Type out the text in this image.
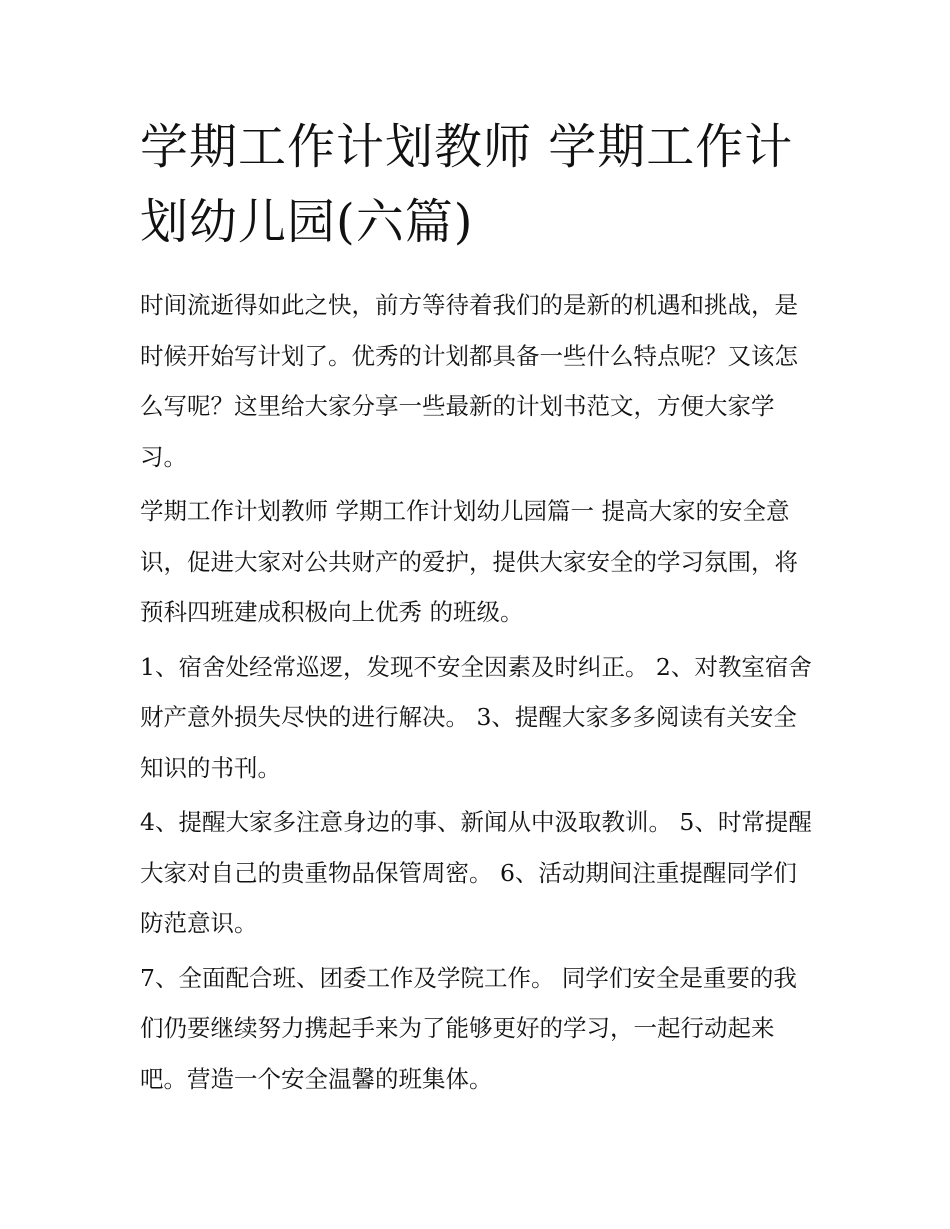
学期工作计划教师 学期工作计划幼儿园(六篇)

时间流逝得如此之快，前方等待着我们的是新的机遇和挑战，是时候开始写计划了。优秀的计划都具备一些什么特点呢？又该怎么写呢？这里给大家分享一些最新的计划书范文，方便大家学习。

学期工作计划教师 学期工作计划幼儿园篇一 提高大家的安全意识，促进大家对公共财产的爱护，提供大家安全的学习氛围，将预科四班建成积极向上优秀 的班级。

1、宿舍处经常巡逻，发现不安全因素及时纠正。 2、对教室宿舍财产意外损失尽快的进行解决。 3、提醒大家多多阅读有关安全知识的书刊。

4、提醒大家多注意身边的事、新闻从中汲取教训。 5、时常提醒大家对自己的贵重物品保管周密。 6、活动期间注重提醒同学们防范意识。

7、全面配合班、团委工作及学院工作。 同学们安全是重要的我们仍要继续努力携起手来为了能够更好的学习，一起行动起来吧。营造一个安全温馨的班集体。
